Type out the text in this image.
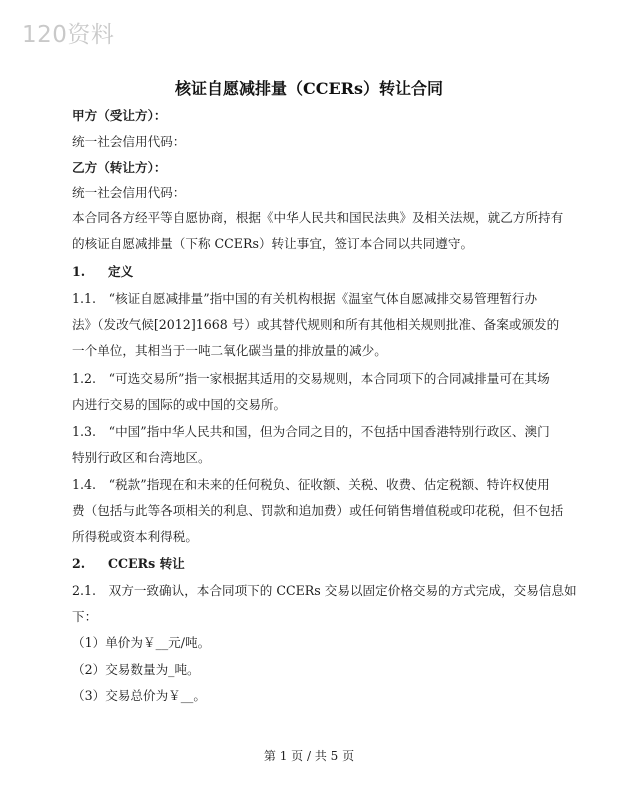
120资料
核证自愿减排量（CCERs）转让合同
甲方（受让方）：
统一社会信用代码：
乙方（转让方）：
统一社会信用代码：
本合同各方经平等自愿协商，根据《中华人民共和国民法典》及相关法规，就乙方所持有
的核证自愿减排量（下称 CCERs）转让事宜，签订本合同以共同遵守。
1. 定义
1.1.　“核证自愿减排量”指中国的有关机构根据《温室气体自愿减排交易管理暂行办
法》（发改气候[2012]1668 号）或其替代规则和所有其他相关规则批准、备案或颁发的
一个单位，其相当于一吨二氧化碳当量的排放量的减少。
1.2.　“可选交易所”指一家根据其适用的交易规则，本合同项下的合同减排量可在其场
内进行交易的国际的或中国的交易所。
1.3.　“中国”指中华人民共和国，但为合同之目的，不包括中国香港特别行政区、澳门
特别行政区和台湾地区。
1.4.　“税款”指现在和未来的任何税负、征收额、关税、收费、估定税额、特许权使用
费（包括与此等各项相关的利息、罚款和追加费）或任何销售增值税或印花税，但不包括
所得税或资本利得税。
2. CCERs 转让
2.1.　双方一致确认，本合同项下的 CCERs 交易以固定价格交易的方式完成，交易信息如
下：
（1）单价为￥__元/吨。
（2）交易数量为_吨。
（3）交易总价为￥__。
第 1 页 / 共 5 页
